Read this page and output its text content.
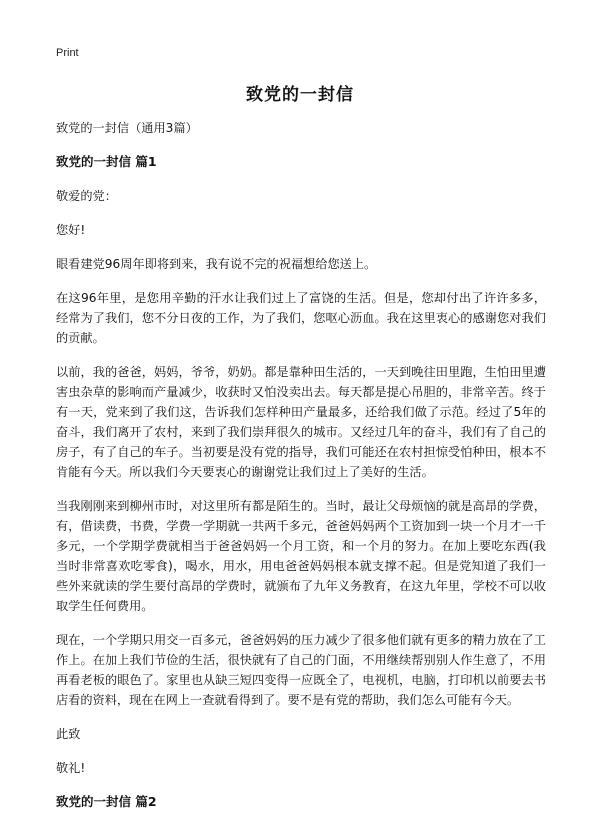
Print
致党的一封信
致党的一封信（通用3篇）
致党的一封信 篇1
敬爱的党：
您好!
眼看建党96周年即将到来，我有说不完的祝福想给您送上。
在这96年里，是您用辛勤的汗水让我们过上了富饶的生活。但是，您却付出了许许多多，经常为了我们，您不分日夜的工作，为了我们，您呕心沥血。我在这里衷心的感谢您对我们的贡献。
以前，我的爸爸，妈妈，爷爷，奶奶。都是靠种田生活的，一天到晚往田里跑，生怕田里遭害虫杂草的影响而产量减少，收获时又怕没卖出去。每天都是提心吊胆的，非常辛苦。终于有一天，党来到了我们这，告诉我们怎样种田产量最多，还给我们做了示范。经过了5年的奋斗，我们离开了农村，来到了我们崇拜很久的城市。又经过几年的奋斗，我们有了自己的房子，有了自己的车子。当初要是没有党的指导，我们可能还在农村担惊受怕种田，根本不肯能有今天。所以我们今天要衷心的谢谢党让我们过上了美好的生活。
当我刚刚来到柳州市时，对这里所有都是陌生的。当时，最让父母烦恼的就是高昂的学费，有，借读费，书费，学费一学期就一共两千多元，爸爸妈妈两个工资加到一块一个月才一千多元，一个学期学费就相当于爸爸妈妈一个月工资，和一个月的努力。在加上要吃东西(我当时非常喜欢吃零食)，喝水，用水，用电爸爸妈妈根本就支撑不起。但是党知道了我们一些外来就读的学生要付高昂的学费时，就颁布了九年义务教育，在这九年里，学校不可以收取学生任何费用。
现在，一个学期只用交一百多元，爸爸妈妈的压力减少了很多他们就有更多的精力放在了工作上。在加上我们节俭的生活，很快就有了自己的门面，不用继续帮别别人作生意了，不用再看老板的眼色了。家里也从缺三短四变得一应既全了，电视机，电脑，打印机以前要去书店看的资料，现在在网上一查就看得到了。要不是有党的帮助，我们怎么可能有今天。
此致
敬礼!
致党的一封信 篇2
